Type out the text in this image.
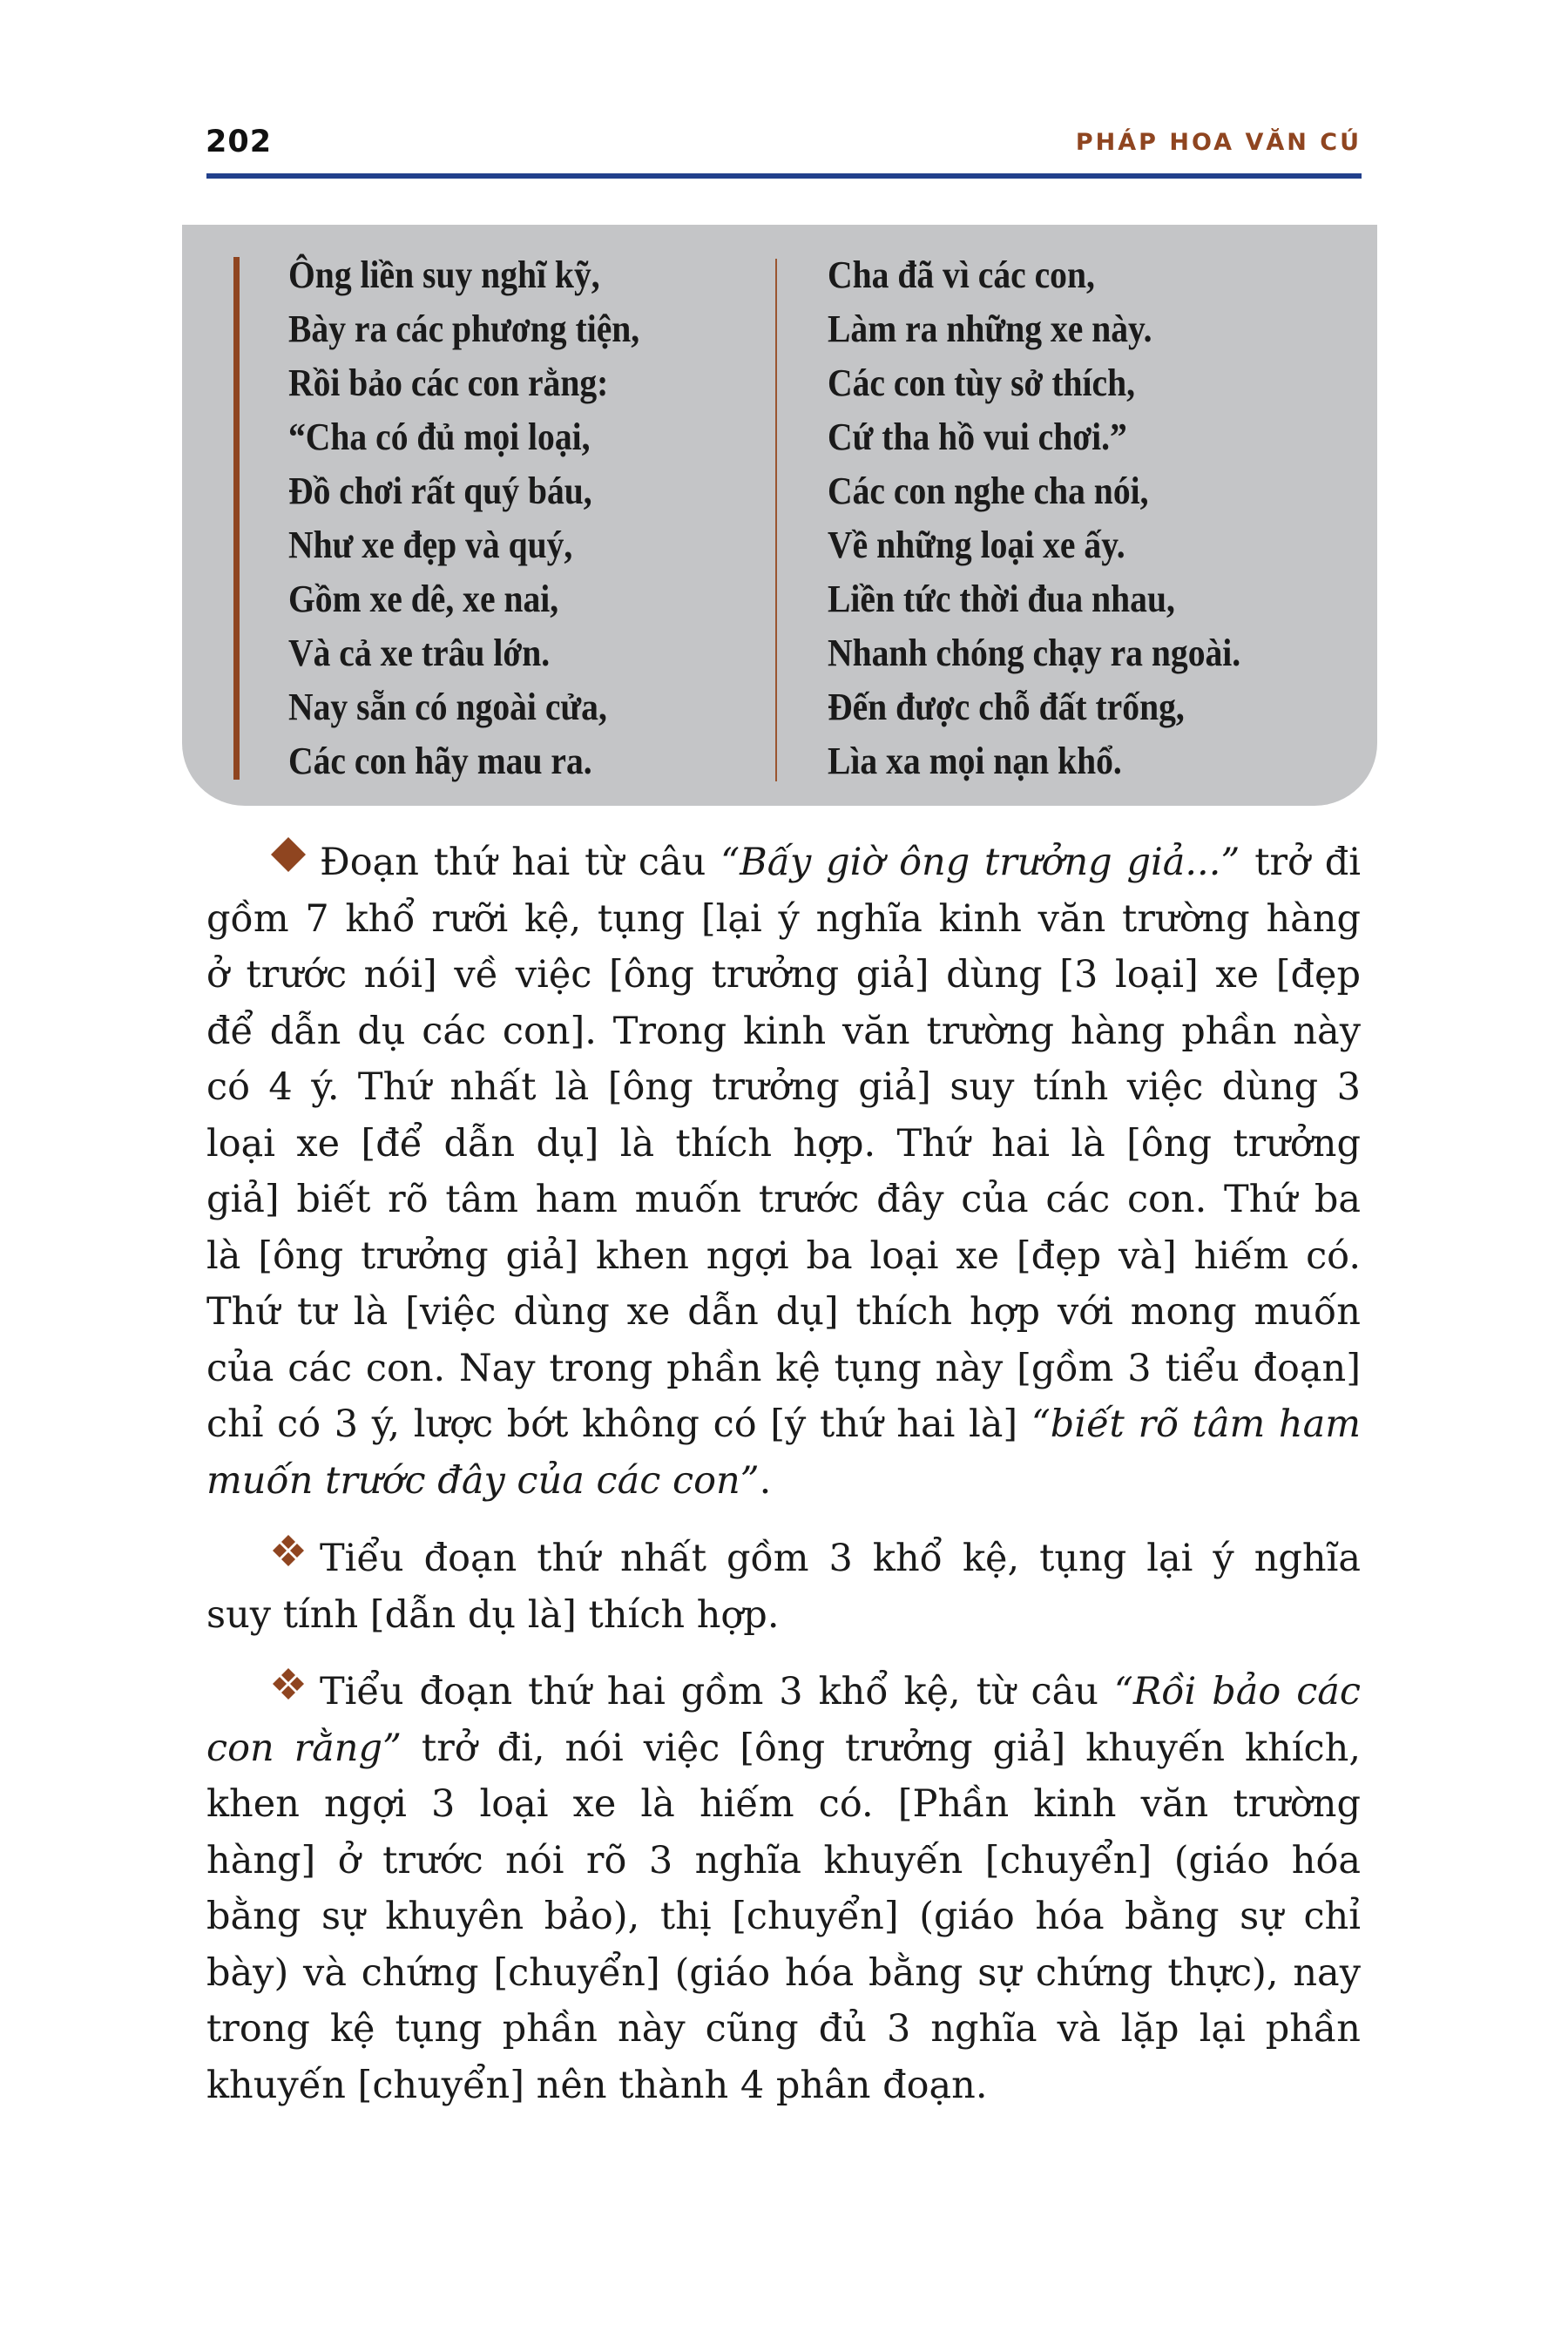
202	PHÁP HOA VĂN CÚ
Ông liền suy nghĩ kỹ,
Bày ra các phương tiện,
Rồi bảo các con rằng:
“Cha có đủ mọi loại,
Đồ chơi rất quý báu,
Như xe đẹp và quý,
Gồm xe dê, xe nai,
Và cả xe trâu lớn.
Nay sẵn có ngoài cửa,
Các con hãy mau ra.
Cha đã vì các con,
Làm ra những xe này.
Các con tùy sở thích,
Cứ tha hồ vui chơi.”
Các con nghe cha nói,
Về những loại xe ấy.
Liền tức thời đua nhau,
Nhanh chóng chạy ra ngoài.
Đến được chỗ đất trống,
Lìa xa mọi nạn khổ.
Đoạn thứ hai từ câu “Bấy giờ ông trưởng giả...” trở đi
gồm 7 khổ rưỡi kệ, tụng [lại ý nghĩa kinh văn trường hàng
ở trước nói] về việc [ông trưởng giả] dùng [3 loại] xe [đẹp
để dẫn dụ các con]. Trong kinh văn trường hàng phần này
có 4 ý. Thứ nhất là [ông trưởng giả] suy tính việc dùng 3
loại xe [để dẫn dụ] là thích hợp. Thứ hai là [ông trưởng
giả] biết rõ tâm ham muốn trước đây của các con. Thứ ba
là [ông trưởng giả] khen ngợi ba loại xe [đẹp và] hiếm có.
Thứ tư là [việc dùng xe dẫn dụ] thích hợp với mong muốn
của các con. Nay trong phần kệ tụng này [gồm 3 tiểu đoạn]
chỉ có 3 ý, lược bớt không có [ý thứ hai là] “biết rõ tâm ham
muốn trước đây của các con”.
Tiểu đoạn thứ nhất gồm 3 khổ kệ, tụng lại ý nghĩa
suy tính [dẫn dụ là] thích hợp.
Tiểu đoạn thứ hai gồm 3 khổ kệ, từ câu “Rồi bảo các
con rằng” trở đi, nói việc [ông trưởng giả] khuyến khích,
khen ngợi 3 loại xe là hiếm có. [Phần kinh văn trường
hàng] ở trước nói rõ 3 nghĩa khuyến [chuyển] (giáo hóa
bằng sự khuyên bảo), thị [chuyển] (giáo hóa bằng sự chỉ
bày) và chứng [chuyển] (giáo hóa bằng sự chứng thực), nay
trong kệ tụng phần này cũng đủ 3 nghĩa và lặp lại phần
khuyến [chuyển] nên thành 4 phân đoạn.
